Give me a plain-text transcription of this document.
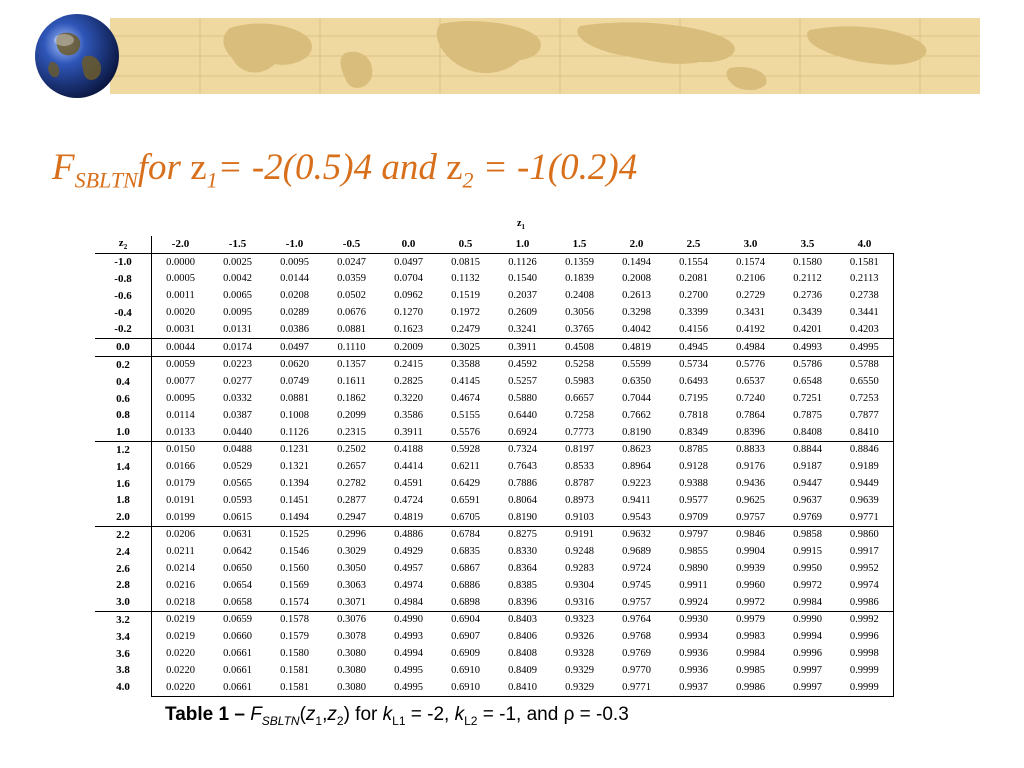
$F_{SBLTN}for$ $z_1= -2(0.5)4$ and $z_2 = -1(0.2)4$
$z_1$
$z_2$	-2.0	-1.5	-1.0	-0.5	0.0	0.5	1.0	1.5	2.0	2.5	3.0	3.5	4.0
-1.0	0.0000	0.0025	0.0095	0.0247	0.0497	0.0815	0.1126	0.1359	0.1494	0.1554	0.1574	0.1580	0.1581
-0.8	0.0005	0.0042	0.0144	0.0359	0.0704	0.1132	0.1540	0.1839	0.2008	0.2081	0.2106	0.2112	0.2113
-0.6	0.0011	0.0065	0.0208	0.0502	0.0962	0.1519	0.2037	0.2408	0.2613	0.2700	0.2729	0.2736	0.2738
-0.4	0.0020	0.0095	0.0289	0.0676	0.1270	0.1972	0.2609	0.3056	0.3298	0.3399	0.3431	0.3439	0.3441
-0.2	0.0031	0.0131	0.0386	0.0881	0.1623	0.2479	0.3241	0.3765	0.4042	0.4156	0.4192	0.4201	0.4203
0.0	0.0044	0.0174	0.0497	0.1110	0.2009	0.3025	0.3911	0.4508	0.4819	0.4945	0.4984	0.4993	0.4995
0.2	0.0059	0.0223	0.0620	0.1357	0.2415	0.3588	0.4592	0.5258	0.5599	0.5734	0.5776	0.5786	0.5788
0.4	0.0077	0.0277	0.0749	0.1611	0.2825	0.4145	0.5257	0.5983	0.6350	0.6493	0.6537	0.6548	0.6550
0.6	0.0095	0.0332	0.0881	0.1862	0.3220	0.4674	0.5880	0.6657	0.7044	0.7195	0.7240	0.7251	0.7253
0.8	0.0114	0.0387	0.1008	0.2099	0.3586	0.5155	0.6440	0.7258	0.7662	0.7818	0.7864	0.7875	0.7877
1.0	0.0133	0.0440	0.1126	0.2315	0.3911	0.5576	0.6924	0.7773	0.8190	0.8349	0.8396	0.8408	0.8410
1.2	0.0150	0.0488	0.1231	0.2502	0.4188	0.5928	0.7324	0.8197	0.8623	0.8785	0.8833	0.8844	0.8846
1.4	0.0166	0.0529	0.1321	0.2657	0.4414	0.6211	0.7643	0.8533	0.8964	0.9128	0.9176	0.9187	0.9189
1.6	0.0179	0.0565	0.1394	0.2782	0.4591	0.6429	0.7886	0.8787	0.9223	0.9388	0.9436	0.9447	0.9449
1.8	0.0191	0.0593	0.1451	0.2877	0.4724	0.6591	0.8064	0.8973	0.9411	0.9577	0.9625	0.9637	0.9639
2.0	0.0199	0.0615	0.1494	0.2947	0.4819	0.6705	0.8190	0.9103	0.9543	0.9709	0.9757	0.9769	0.9771
2.2	0.0206	0.0631	0.1525	0.2996	0.4886	0.6784	0.8275	0.9191	0.9632	0.9797	0.9846	0.9858	0.9860
2.4	0.0211	0.0642	0.1546	0.3029	0.4929	0.6835	0.8330	0.9248	0.9689	0.9855	0.9904	0.9915	0.9917
2.6	0.0214	0.0650	0.1560	0.3050	0.4957	0.6867	0.8364	0.9283	0.9724	0.9890	0.9939	0.9950	0.9952
2.8	0.0216	0.0654	0.1569	0.3063	0.4974	0.6886	0.8385	0.9304	0.9745	0.9911	0.9960	0.9972	0.9974
3.0	0.0218	0.0658	0.1574	0.3071	0.4984	0.6898	0.8396	0.9316	0.9757	0.9924	0.9972	0.9984	0.9986
3.2	0.0219	0.0659	0.1578	0.3076	0.4990	0.6904	0.8403	0.9323	0.9764	0.9930	0.9979	0.9990	0.9992
3.4	0.0219	0.0660	0.1579	0.3078	0.4993	0.6907	0.8406	0.9326	0.9768	0.9934	0.9983	0.9994	0.9996
3.6	0.0220	0.0661	0.1580	0.3080	0.4994	0.6909	0.8408	0.9328	0.9769	0.9936	0.9984	0.9996	0.9998
3.8	0.0220	0.0661	0.1581	0.3080	0.4995	0.6910	0.8409	0.9329	0.9770	0.9936	0.9985	0.9997	0.9999
4.0	0.0220	0.0661	0.1581	0.3080	0.4995	0.6910	0.8410	0.9329	0.9771	0.9937	0.9986	0.9997	0.9999
Table $1 - F_{SBLTN}(z_1,z_2)$ for $k_{L1} = -2$, $k_{L2} = -1$, and ρ = -0.3
